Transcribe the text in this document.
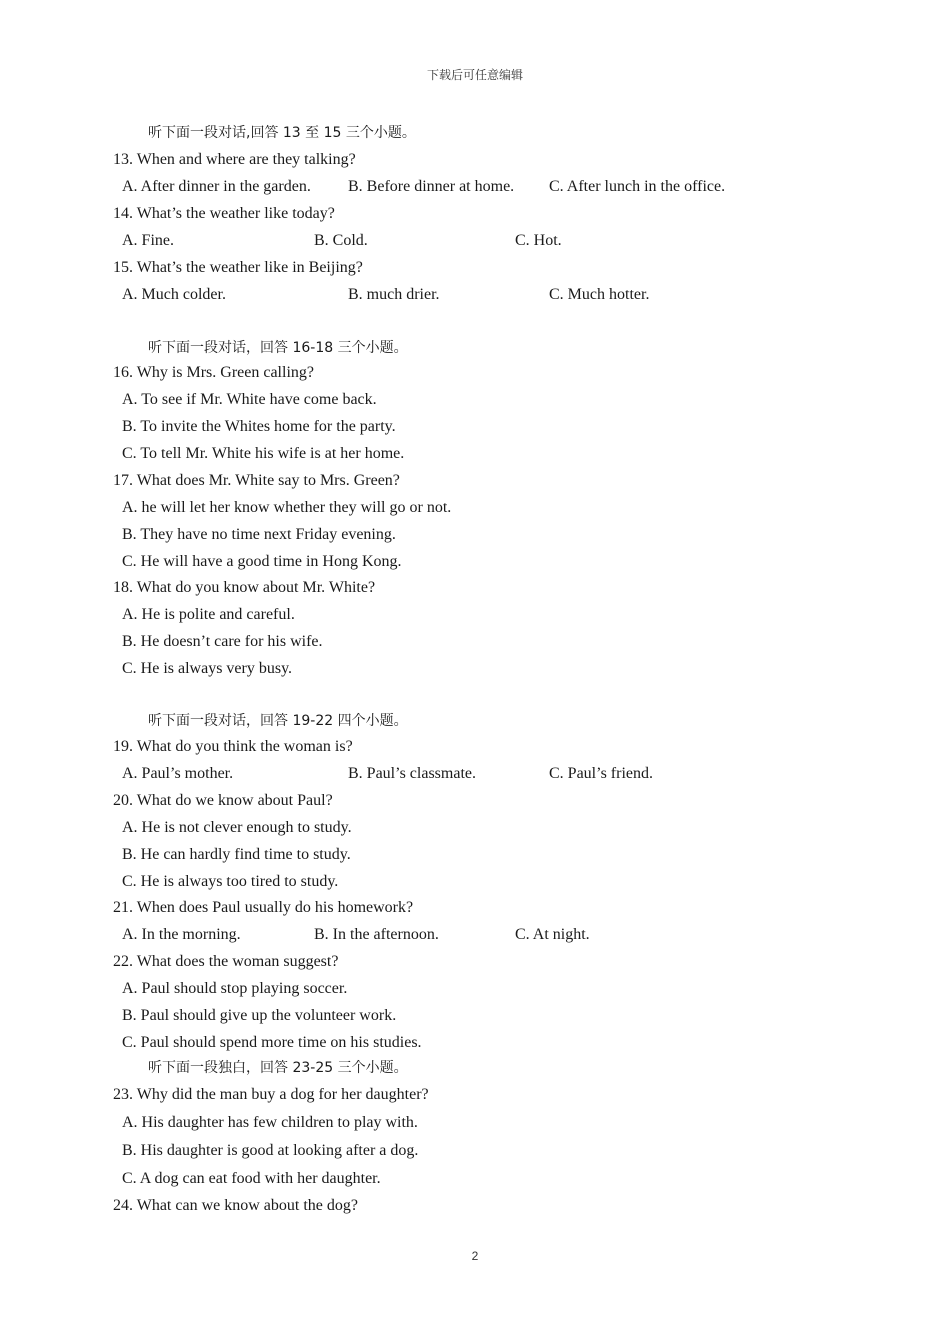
下载后可任意编辑
听下面一段对话,回答 13 至 15 三个小题。
13. When and where are they talking?
A. After dinner in the garden. B. Before dinner at home. C. After lunch in the office.
14. What’s the weather like today?
A. Fine.	B. Cold.	C. Hot.
15. What’s the weather like in Beijing?
A. Much colder.	B. much drier.	C. Much hotter.
听下面一段对话，回答 16-18 三个小题。
16. Why is Mrs. Green calling?
A. To see if Mr. White have come back.
B. To invite the Whites home for the party.
C. To tell Mr. White his wife is at her home.
17. What does Mr. White say to Mrs. Green?
A. he will let her know whether they will go or not.
B. They have no time next Friday evening.
C. He will have a good time in Hong Kong.
18. What do you know about Mr. White?
A. He is polite and careful.
B. He doesn’t care for his wife.
C. He is always very busy.
听下面一段对话，回答 19-22 四个小题。
19. What do you think the woman is?
A. Paul’s mother.	B. Paul’s classmate.	C. Paul’s friend.
20. What do we know about Paul?
A. He is not clever enough to study.
B. He can hardly find time to study.
C. He is always too tired to study.
21. When does Paul usually do his homework?
A. In the morning.	B. In the afternoon.	C. At night.
22. What does the woman suggest?
A. Paul should stop playing soccer.
B. Paul should give up the volunteer work.
C. Paul should spend more time on his studies.
听下面一段独白，回答 23-25 三个小题。
23. Why did the man buy a dog for her daughter?
A. His daughter has few children to play with.
B. His daughter is good at looking after a dog.
C. A dog can eat food with her daughter.
24. What can we know about the dog?
2
